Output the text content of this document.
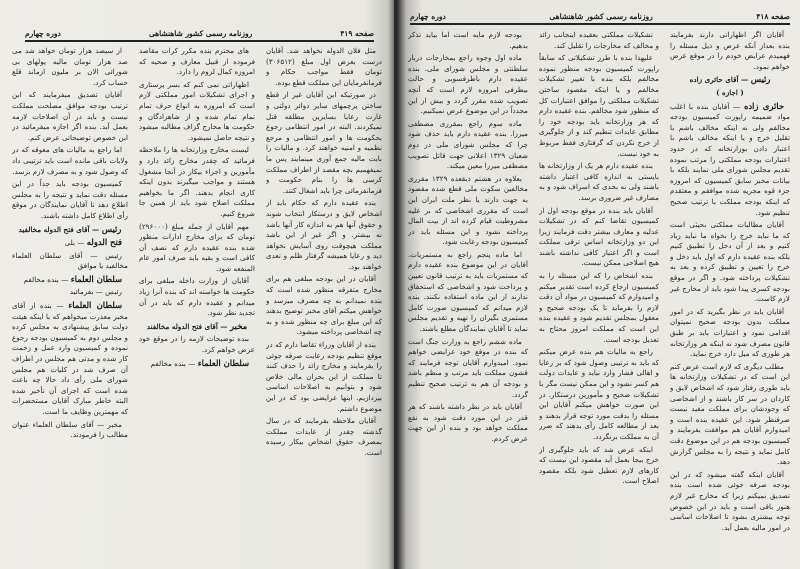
صفحه ۴۱۹
روزنامه رسمی کشور شاهنشاهی
دوره چهارم

مثل فلان الدوله نخواهد شد. آقایان درست بعرض اول مبلغ (۳۰۶۵۱۲) تومان فقط مواجب حکام و فرمانفرمایان این مملکت قطع بوده.

در صورتیکه این آقایان غیر از قطع ساختن پرچمهای سایر دوائر دولتی و غارت رعایا بسایرین مطلقه قتل نمیکردند. البته در امور انتظامی رجوع بحکومت ها و امور انتظامی و مرجع نظمیه و امنیه خواهند کرد. و مالیات را بابت مالیه جمع آوری مینمایند پس ما نمیفهمیم بچه مقصد از اطراف مملکت کرسی ها را بنام حکومت و فرمانفرمائی چرا باید اشغال کنند.

بنده عقیده دارم که حکام باید از اشخاص لایق و درستکار انتخاب شوند و حقوق آنها هم به اندازه کار آنها باشد نه بیشتر. و اگر غیر از این باشد مملکت هیچوقت روی آسایش نخواهد دید و رعایا همیشه گرفتار ظلم و تعدی خواهند بود.

آقایان در این بودجه مبلغی هم برای مخارج متفرقه منظور شده است که بنده نمیدانم به چه مصرف میرسد و خواهش میکنم آقای مخبر توضیح بدهند که این مبلغ برای چه منظور شده و به چه اشخاصی پرداخته میشود.

بنده از آقایان وزراء تقاضا دارم که در موقع تنظیم بودجه رعایت صرفه جوئی را بفرمایند و مخارج زائد را حذف کنند تا مملکت از این بحران مالی خلاص شود و بتوانیم به اصلاحات اساسی بپردازیم. اینها عرایضی بود که در این موضوع داشتم.

آقایان ملاحظه بفرمایند که در سال گذشته چقدر از عایدات مملکت بمصرف حقوق اشخاص بیکار رسیده است.

های محترم بنده مکرر کرات مقاصد فرموده از قبیل معارف و صحیه که امروزه کمال لزوم را دارد.

اظهاراتی نمی کنم که بسر پرستاری و اجرای تشکیلات امور مملکتی لازم است که امروزه به انواع حرف تمام تمام تمام شده و از شاهزادگان و حکومت ها مخارج گزاف مطالبه میشود و نتیجه حاصل نمیشود.

لیست مخارج وزارتخانه ها را ملاحظه فرمائید که چقدر مخارج زائد دارد و مأمورین و اجزاء بیکار در آنجا مشغول هستند و مواجب میگیرند بدون اینکه کاری انجام بدهند. اگر ما بخواهیم مملکت اصلاح شود باید از همین جا شروع کنیم.

مهم آقایان از جمله مبلغ (۲۹۶۰۰۰) تومان که برای مخارج ادارات منظور شده بنده عقیده دارم که نصف آن کافی است و بقیه باید صرف امور عام المنفعه شود.

آقایان از وزارت داخله مبلغی برای حکومت ها خواسته اند که بنده آنرا زیاد میدانم و عقیده دارم که باید در آن تجدید نظر شود.

مخبر — آقای فتح الدوله مخالفند

بنده توضیحات لازمه را در موقع خود عرض خواهم کرد.

سلطان العلماء — بنده مخالفم

از سیصد هزار تومان خواهد شد می صد هزار تومان مالیه پولهای بی شورائی الان بر ملیون ازماند قلع حساب کرد.

آقایان تصدیق میفرمایند که این ترتیب بودجه موافق مصلحت مملکت نیست و باید در آن اصلاحات لازمه بعمل آید. بنده اگر اجازه میفرمائید در این خصوص توضیحاتی عرض کنم.

اما راجع به مالیات های معوقه که در ولایات باقی مانده است باید ترتیبی داد که وصول شود و به مصرف لازم برسد.

کمیسیون بودجه باید جداً در این مسئله دقت نماید و نتیجه را به مجلس اطلاع دهد تا آقایان نمایندگان در موقع رأی اطلاع کامل داشته باشند.

رئیس — آقای فتح الدوله مخالفید

فتح الدوله — بلی

رئیس — آقای سلطان العلماء مخالفید یا موافق

سلطان العلماء — بنده مخالفم

رئیس — بفرمائید

سلطان العلماء — بنده از آقای مخبر معذرت میخواهم که با اینکه هیئت دولت سابق پیشنهادی به مجلس کرده و مجلس دوم به کمیسیون بودجه رجوع نموده و کمیسیون وارد عمل و زحمت کار شده و مدتی هم مجلس در اطراف آن صرف شد در کلیات هم مجلس شورای ملی رأی داد حالا چه باعث شده است که اجرای آن تأخیر شده البته خاطر مبارک آقایان مستحضرات که مهمترین وظایف ما است.

مخبر — آقای سلطان العلماء عنوان مطالب را فرمودند.

صفحه ۴۱۸
روزنامه رسمی کشور شاهنشاهی
دوره چهارم

آقایان اگر اظهاراتی دارند بفرمایند بنده بعداز آنکه عرض و ذیل مسئله را فهمیدم عرایض خودم را در موقع عرض خواهم نمود.

رئیس — آقای حائری زاده

( اجازه )

حائری زاده — آقایان بنده با اغلب مواد ضمیمه راپورت کمیسیون بودجه مخالفم ولی نه اینکه مخالف باشم با تقلیل خرج و یا اینکه مخالف باشم با اعتبار دادن بوزارتخانه که در حدود اعتبارات بودجه مملکتی را مرتب نموده تقدیم مجلس شورای ملی نمایند بلکه با بیانات مخبر سابق کمیسیون که امروزه جزء قوه مجریه شده موافقم و معتقدم که اینکه بودجه مملکت با ترتیب صحیح تنظیم شود.

آقایان مطالبات مملکتی بحیثی است که ما نباید خرج را بخواه ما نباید زیاد کنیم و بعد از آن دخل را تطبیق کنیم بلکه بنده عقیده دارم که اول باید دخل و خرج را تعیین و تطبیق کرده و بعد به تشکیلات پرداخته شود. و اگر در موقع بودجه کسری پیدا شود باید از مخارج غیر لازم کاست.

آقایان باید در نظر بگیرید که در امور مملکت بدون بودجه صحیح نمیتوان اقدامی نمود و اعتبارات باید بر طبق قانون مصرف شود نه اینکه هر وزارتخانه هر طوری که میل دارد خرج نماید.

مطلب دیگری که لازم است عرض کنم این است که در تشکیلات وزارتخانه ها باید طوری رفتار شود که اشخاص لایق و کاردان در سر کار باشند و از اشخاصی که وجودشان برای مملکت مفید نیست صرفنظر شود. این عقیده بنده است و امیدوارم آقایان هم موافقت بفرمایند و کمیسیون بودجه هم در این موضوع دقت کامل نماید و نتیجه را به مجلس گزارش دهد.

آقایان اینکه گفته میشود که در این بودجه صرفه جوئی شده است بنده تصدیق نمیکنم زیرا که مخارج غیر لازم هنوز باقی است و باید در این خصوص توجه بیشتری بشود تا اصلاحات اساسی در امور مالیه بعمل آید.

تشکیلات مملکتی بعقیده اینجانب زائد و مخالف که مخارجات را تقلیل کند.

علیهذا بنده با طرز تشکیلاتی که سابقاً راپورت کمیسیون بودجه منظور نموده مخالفم بلکه بنده با تغییر تشکیلات مخالفم و یا اینکه مقصود ساختن تشکیلات مملکتی را موافق اعتبارات کل که منظور شود مخالفم. بنده عقیده دارم که هر وزارتخانه باید بودجه خود را مطابق عایدات تنظیم کند و از جلوگیری از خرج نکردن که گرفتاری فقط مربوط به خود نیست.

بنده عقیده دارم هر یک از وزارتخانه ها بایستی به اندازه کافی اعتبار داشته باشند ولی نه بحدی که اسراف شود و به مصارف غیر ضروری برسد.

آقایان باید بنده در موقع بودجه اول از کمیسیون تقاضا کنم که در تشکیلات عدلیه و معارف بیشتر دقت فرمایند زیرا این دو وزارتخانه اساس ترقی مملکت است و اگر اعتبار کافی نداشته باشند هیچ اصلاحی ممکن نیست.

بنده اشخاص را که این مسئله را به کمیسیون ارجاع کرده است تقدیر میکنم و امیدوارم که کمیسیون در مواد آن دقت لازم را بفرماید تا یک بودجه صحیح و معقول بمجلس تقدیم شود و عقیده بنده این است که مملکت امروز محتاج به تعدیل بودجه است.

راجع به مالیات هم بنده عرض میکنم که باید به ترتیبی وصول شود که بر رعایا و اهالی فشار وارد نیاید و عایدات دولت هم کسر نشود و این ممکن نیست مگر با تشکیلات صحیح و مأمورین درستکار. در این صورت خواهش میکنم آقایان این مسئله را بدقت مورد توجه قرار بدهند و بعد از مطالعه کامل رأی بدهند که ضرر آن به مملکت برنگردد.

اینکه عرض شد که باید جلوگیری از خرج بیجا بعمل آید مقصود این نیست که کارهای لازم تعطیل شود بلکه مقصود اصلاح است.

بودجه لازم مایه است اما بیاید تذکر بدهیم.

ماده اول وجوه راجع بمخارجات دربار سلطنتی و مجلس شورای ملی. بنده عقیده دارم باطرفسوبی و حالت بیطرفی امروزه لازم است که آنچه تصویب شده مقرر گردد و بیش از این مجدداً در این موضوع عرض نمیکنیم.

ماده سوم راجع بمقرری مصطفی میرزا. بنده عقیده دارم باید حذف شود چرا که مجلس شورای ملی در دوم شعبان ۱۳۲۹ اعلانی جهت قاتل تصویب مصطفی میرزا معین میکند.

بعلاوه در هشتم ذیقعده ۱۳۲۹ مقرری مخالفین سکوت ملی قطع شده مقصود به جهت دارند یا نظر ملت ایران این است که مقرری اشخاصی که بر علیه مشروطیت قیام کرده اند از بیت المال پرداخته نشود و این مسئله باید در کمیسیون بودجه رعایت شود.

اما ماده پنجم راجع به مستمریات. آقایان در این موضوع بنده عقیده دارم که مستمریات باید به ترتیب قانون تعیین و پرداخت شود و اشخاصی که استحقاق ندارند از این ماده استفاده نکنند. بنده لازم میدانم که کمیسیون صورت کامل مستمری بگیران را تهیه و تقدیم مجلس نماید تا آقایان نمایندگان مطلع باشند.

ماده ششم راجع به وزارت جنگ است که بنده در موقع خود عرایضی خواهم نمود. امیدوارم آقایان توجه فرمایند که قشون مملکت باید مرتب و منظم باشد و بودجه آن هم به ترتیب صحیح تنظیم گردد.

آقایان باید در نظر داشته باشند که هر قدر در این مورد دقت شود به نفع مملکت خواهد بود و بنده از این جهت عرض کردم.
